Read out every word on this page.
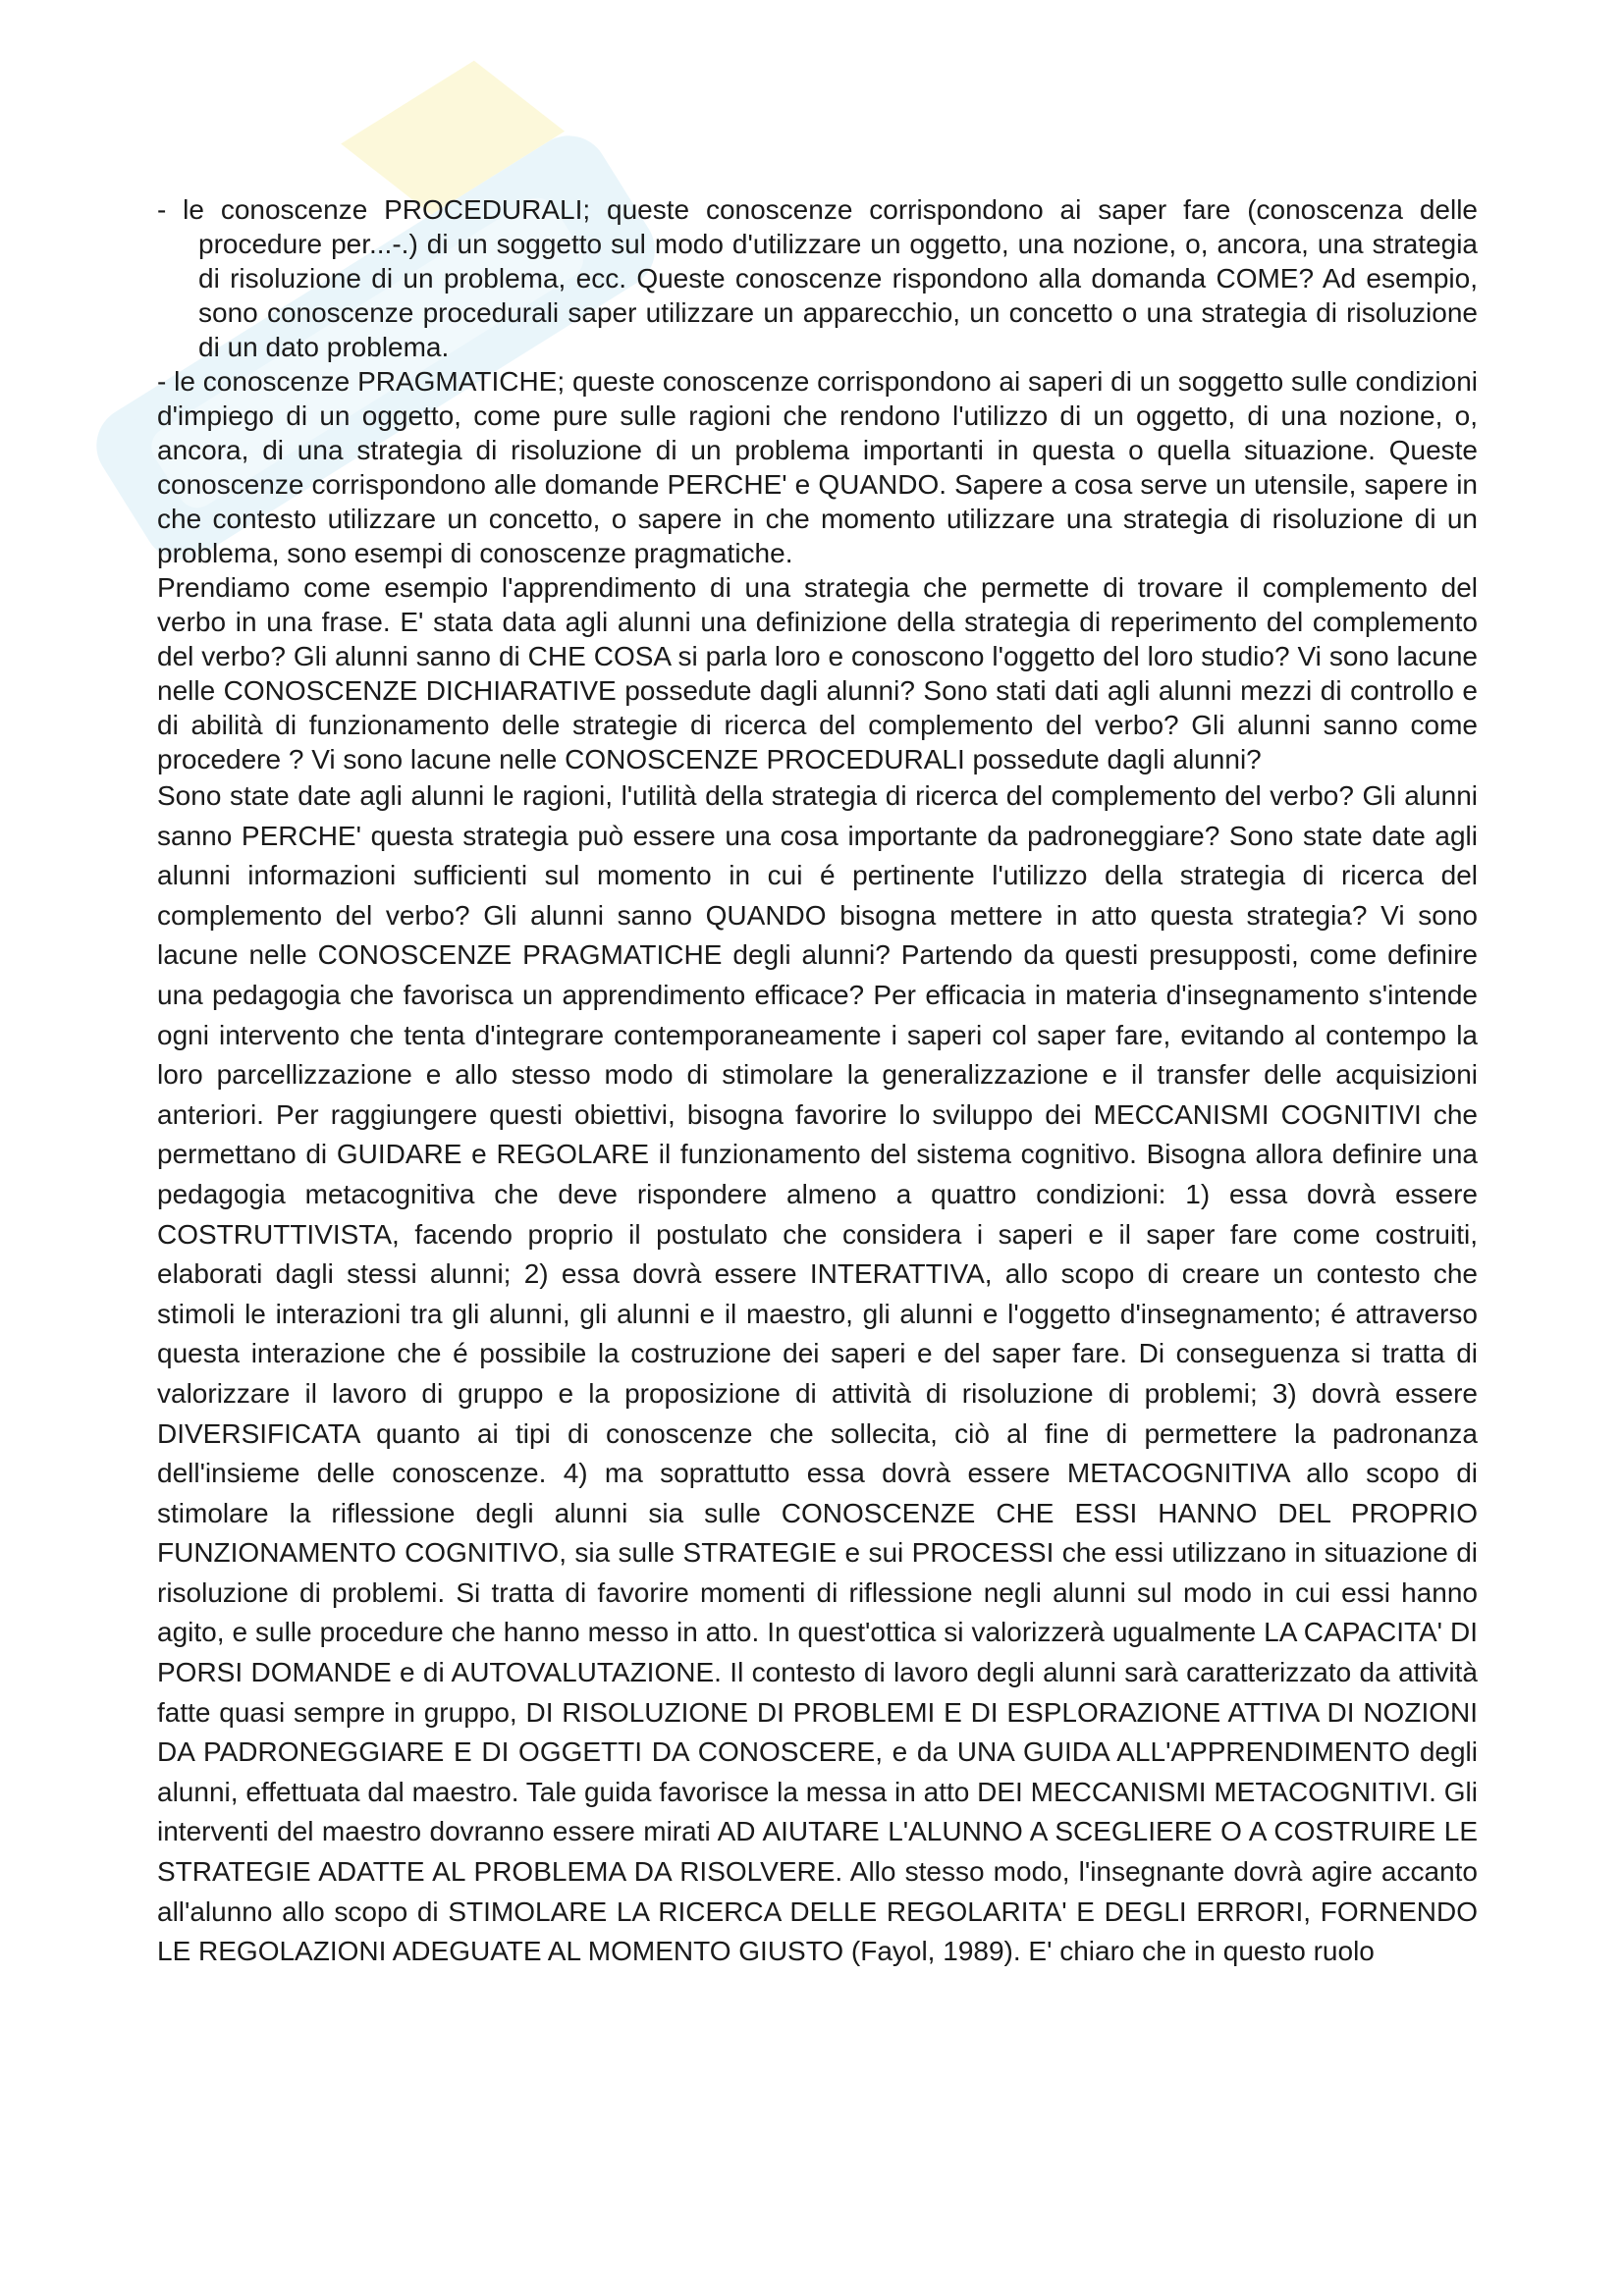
- le conoscenze PROCEDURALI; queste conoscenze corrispondono ai saper fare (conoscenza delle procedure per...-.) di un soggetto sul modo d'utilizzare un oggetto, una nozione, o, ancora, una strategia di risoluzione di un problema, ecc. Queste conoscenze rispondono alla domanda COME? Ad esempio, sono conoscenze procedurali saper utilizzare un apparecchio, un concetto o una strategia di risoluzione di un dato problema.

- le conoscenze PRAGMATICHE; queste conoscenze corrispondono ai saperi di un soggetto sulle condizioni d'impiego di un oggetto, come pure sulle ragioni che rendono l'utilizzo di un oggetto, di una nozione, o, ancora, di una strategia di risoluzione di un problema importanti in questa o quella situazione. Queste conoscenze corrispondono alle domande PERCHE' e QUANDO. Sapere a cosa serve un utensile, sapere in che contesto utilizzare un concetto, o sapere in che momento utilizzare una strategia di risoluzione di un problema, sono esempi di conoscenze pragmatiche.

Prendiamo come esempio l'apprendimento di una strategia che permette di trovare il complemento del verbo in una frase. E' stata data agli alunni una definizione della strategia di reperimento del complemento del verbo? Gli alunni sanno di CHE COSA si parla loro e conoscono l'oggetto del loro studio? Vi sono lacune nelle CONOSCENZE DICHIARATIVE possedute dagli alunni? Sono stati dati agli alunni mezzi di controllo e di abilità di funzionamento delle strategie di ricerca del complemento del verbo? Gli alunni sanno come procedere ? Vi sono lacune nelle CONOSCENZE PROCEDURALI possedute dagli alunni?

Sono state date agli alunni le ragioni, l'utilità della strategia di ricerca del complemento del verbo? Gli alunni sanno PERCHE' questa strategia può essere una cosa importante da padroneggiare? Sono state date agli alunni informazioni sufficienti sul momento in cui é pertinente l'utilizzo della strategia di ricerca del complemento del verbo? Gli alunni sanno QUANDO bisogna mettere in atto questa strategia? Vi sono lacune nelle CONOSCENZE PRAGMATICHE degli alunni? Partendo da questi presupposti, come definire una pedagogia che favorisca un apprendimento efficace? Per efficacia in materia d'insegnamento s'intende ogni intervento che tenta d'integrare contemporaneamente i saperi col saper fare, evitando al contempo la loro parcellizzazione e allo stesso modo di stimolare la generalizzazione e il transfer delle acquisizioni anteriori. Per raggiungere questi obiettivi, bisogna favorire lo sviluppo dei MECCANISMI COGNITIVI che permettano di GUIDARE e REGOLARE il funzionamento del sistema cognitivo. Bisogna allora definire una pedagogia metacognitiva che deve rispondere almeno a quattro condizioni: 1) essa dovrà essere COSTRUTTIVISTA, facendo proprio il postulato che considera i saperi e il saper fare come costruiti, elaborati dagli stessi alunni; 2) essa dovrà essere INTERATTIVA, allo scopo di creare un contesto che stimoli le interazioni tra gli alunni, gli alunni e il maestro, gli alunni e l'oggetto d'insegnamento; é attraverso questa interazione che é possibile la costruzione dei saperi e del saper fare. Di conseguenza si tratta di valorizzare il lavoro di gruppo e la proposizione di attività di risoluzione di problemi; 3) dovrà essere DIVERSIFICATA quanto ai tipi di conoscenze che sollecita, ciò al fine di permettere la padronanza dell'insieme delle conoscenze. 4) ma soprattutto essa dovrà essere METACOGNITIVA allo scopo di stimolare la riflessione degli alunni sia sulle CONOSCENZE CHE ESSI HANNO DEL PROPRIO FUNZIONAMENTO COGNITIVO, sia sulle STRATEGIE e sui PROCESSI che essi utilizzano in situazione di risoluzione di problemi. Si tratta di favorire momenti di riflessione negli alunni sul modo in cui essi hanno agito, e sulle procedure che hanno messo in atto. In quest'ottica si valorizzerà ugualmente LA CAPACITA' DI PORSI DOMANDE e di AUTOVALUTAZIONE. Il contesto di lavoro degli alunni sarà caratterizzato da attività fatte quasi sempre in gruppo, DI RISOLUZIONE DI PROBLEMI E DI ESPLORAZIONE ATTIVA DI NOZIONI DA PADRONEGGIARE E DI OGGETTI DA CONOSCERE, e da UNA GUIDA ALL'APPRENDIMENTO degli alunni, effettuata dal maestro. Tale guida favorisce la messa in atto DEI MECCANISMI METACOGNITIVI. Gli interventi del maestro dovranno essere mirati AD AIUTARE L'ALUNNO A SCEGLIERE O A COSTRUIRE LE STRATEGIE ADATTE AL PROBLEMA DA RISOLVERE. Allo stesso modo, l'insegnante dovrà agire accanto all'alunno allo scopo di STIMOLARE LA RICERCA DELLE REGOLARITA' E DEGLI ERRORI, FORNENDO LE REGOLAZIONI ADEGUATE AL MOMENTO GIUSTO (Fayol, 1989). E' chiaro che in questo ruolo
